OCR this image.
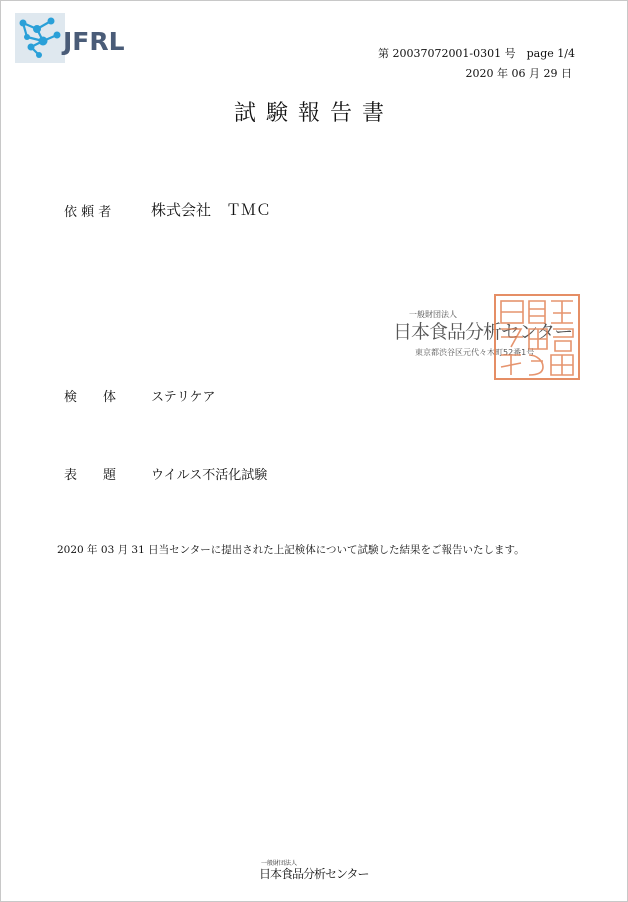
JFRL	第 20037072001-0301 号　page 1/4
2020 年 06 月 29 日
試験報告書
依 頼 者	株式会社　ＴＭＣ
一般財団法人
日本食品分析センター
東京都渋谷区元代々木町52番1号
検　　体	ステリケア
表　　題	ウイルス不活化試験
2020 年 03 月 31 日当センターに提出された上記検体について試験した結果をご報告いたします。
一般財団法人
日本食品分析センター
